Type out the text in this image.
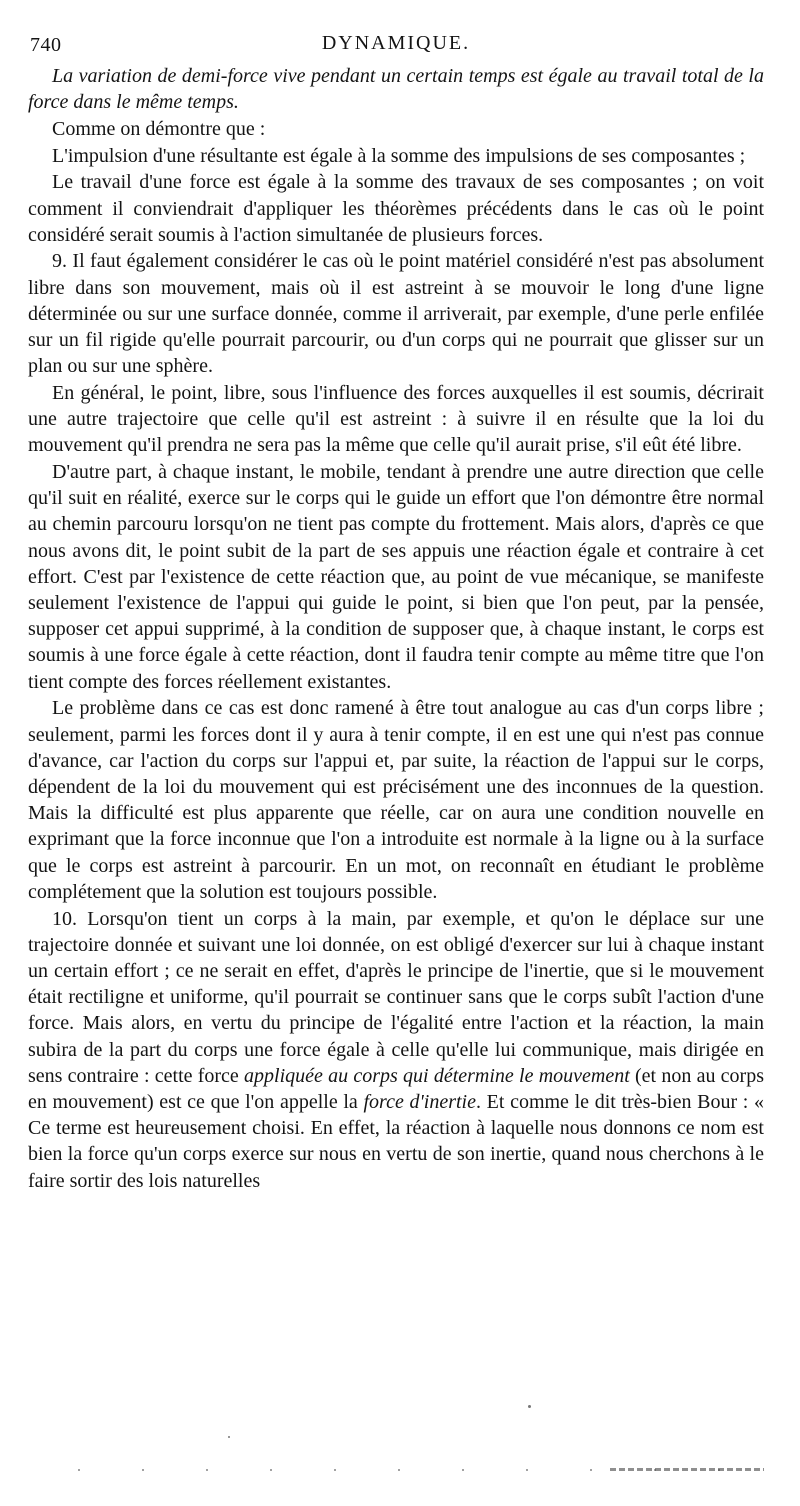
740	DYNAMIQUE.

La variation de demi-force vive pendant un certain temps est égale au travail total de la force dans le même temps.

Comme on démontre que :

L'impulsion d'une résultante est égale à la somme des impulsions de ses composantes ;

Le travail d'une force est égale à la somme des travaux de ses composantes ; on voit comment il conviendrait d'appliquer les théorèmes précédents dans le cas où le point considéré serait soumis à l'action simultanée de plusieurs forces.

9. Il faut également considérer le cas où le point matériel considéré n'est pas absolument libre dans son mouvement, mais où il est astreint à se mouvoir le long d'une ligne déterminée ou sur une surface donnée, comme il arriverait, par exemple, d'une perle enfilée sur un fil rigide qu'elle pourrait parcourir, ou d'un corps qui ne pourrait que glisser sur un plan ou sur une sphère.

En général, le point, libre, sous l'influence des forces auxquelles il est soumis, décrirait une autre trajectoire que celle qu'il est astreint : à suivre il en résulte que la loi du mouvement qu'il prendra ne sera pas la même que celle qu'il aurait prise, s'il eût été libre.

D'autre part, à chaque instant, le mobile, tendant à prendre une autre direction que celle qu'il suit en réalité, exerce sur le corps qui le guide un effort que l'on démontre être normal au chemin parcouru lorsqu'on ne tient pas compte du frottement. Mais alors, d'après ce que nous avons dit, le point subit de la part de ses appuis une réaction égale et contraire à cet effort. C'est par l'existence de cette réaction que, au point de vue mécanique, se manifeste seulement l'existence de l'appui qui guide le point, si bien que l'on peut, par la pensée, supposer cet appui supprimé, à la condition de supposer que, à chaque instant, le corps est soumis à une force égale à cette réaction, dont il faudra tenir compte au même titre que l'on tient compte des forces réellement existantes.

Le problème dans ce cas est donc ramené à être tout analogue au cas d'un corps libre ; seulement, parmi les forces dont il y aura à tenir compte, il en est une qui n'est pas connue d'avance, car l'action du corps sur l'appui et, par suite, la réaction de l'appui sur le corps, dépendent de la loi du mouvement qui est précisément une des inconnues de la question. Mais la difficulté est plus apparente que réelle, car on aura une condition nouvelle en exprimant que la force inconnue que l'on a introduite est normale à la ligne ou à la surface que le corps est astreint à parcourir. En un mot, on reconnaît en étudiant le problème complétement que la solution est toujours possible.

10. Lorsqu'on tient un corps à la main, par exemple, et qu'on le déplace sur une trajectoire donnée et suivant une loi donnée, on est obligé d'exercer sur lui à chaque instant un certain effort ; ce ne serait en effet, d'après le principe de l'inertie, que si le mouvement était rectiligne et uniforme, qu'il pourrait se continuer sans que le corps subît l'action d'une force. Mais alors, en vertu du principe de l'égalité entre l'action et la réaction, la main subira de la part du corps une force égale à celle qu'elle lui communique, mais dirigée en sens contraire : cette force appliquée au corps qui détermine le mouvement (et non au corps en mouvement) est ce que l'on appelle la force d'inertie. Et comme le dit très-bien Bour : « Ce terme est heureusement choisi. En effet, la réaction à laquelle nous donnons ce nom est bien la force qu'un corps exerce sur nous en vertu de son inertie, quand nous cherchons à le faire sortir des lois naturelles
